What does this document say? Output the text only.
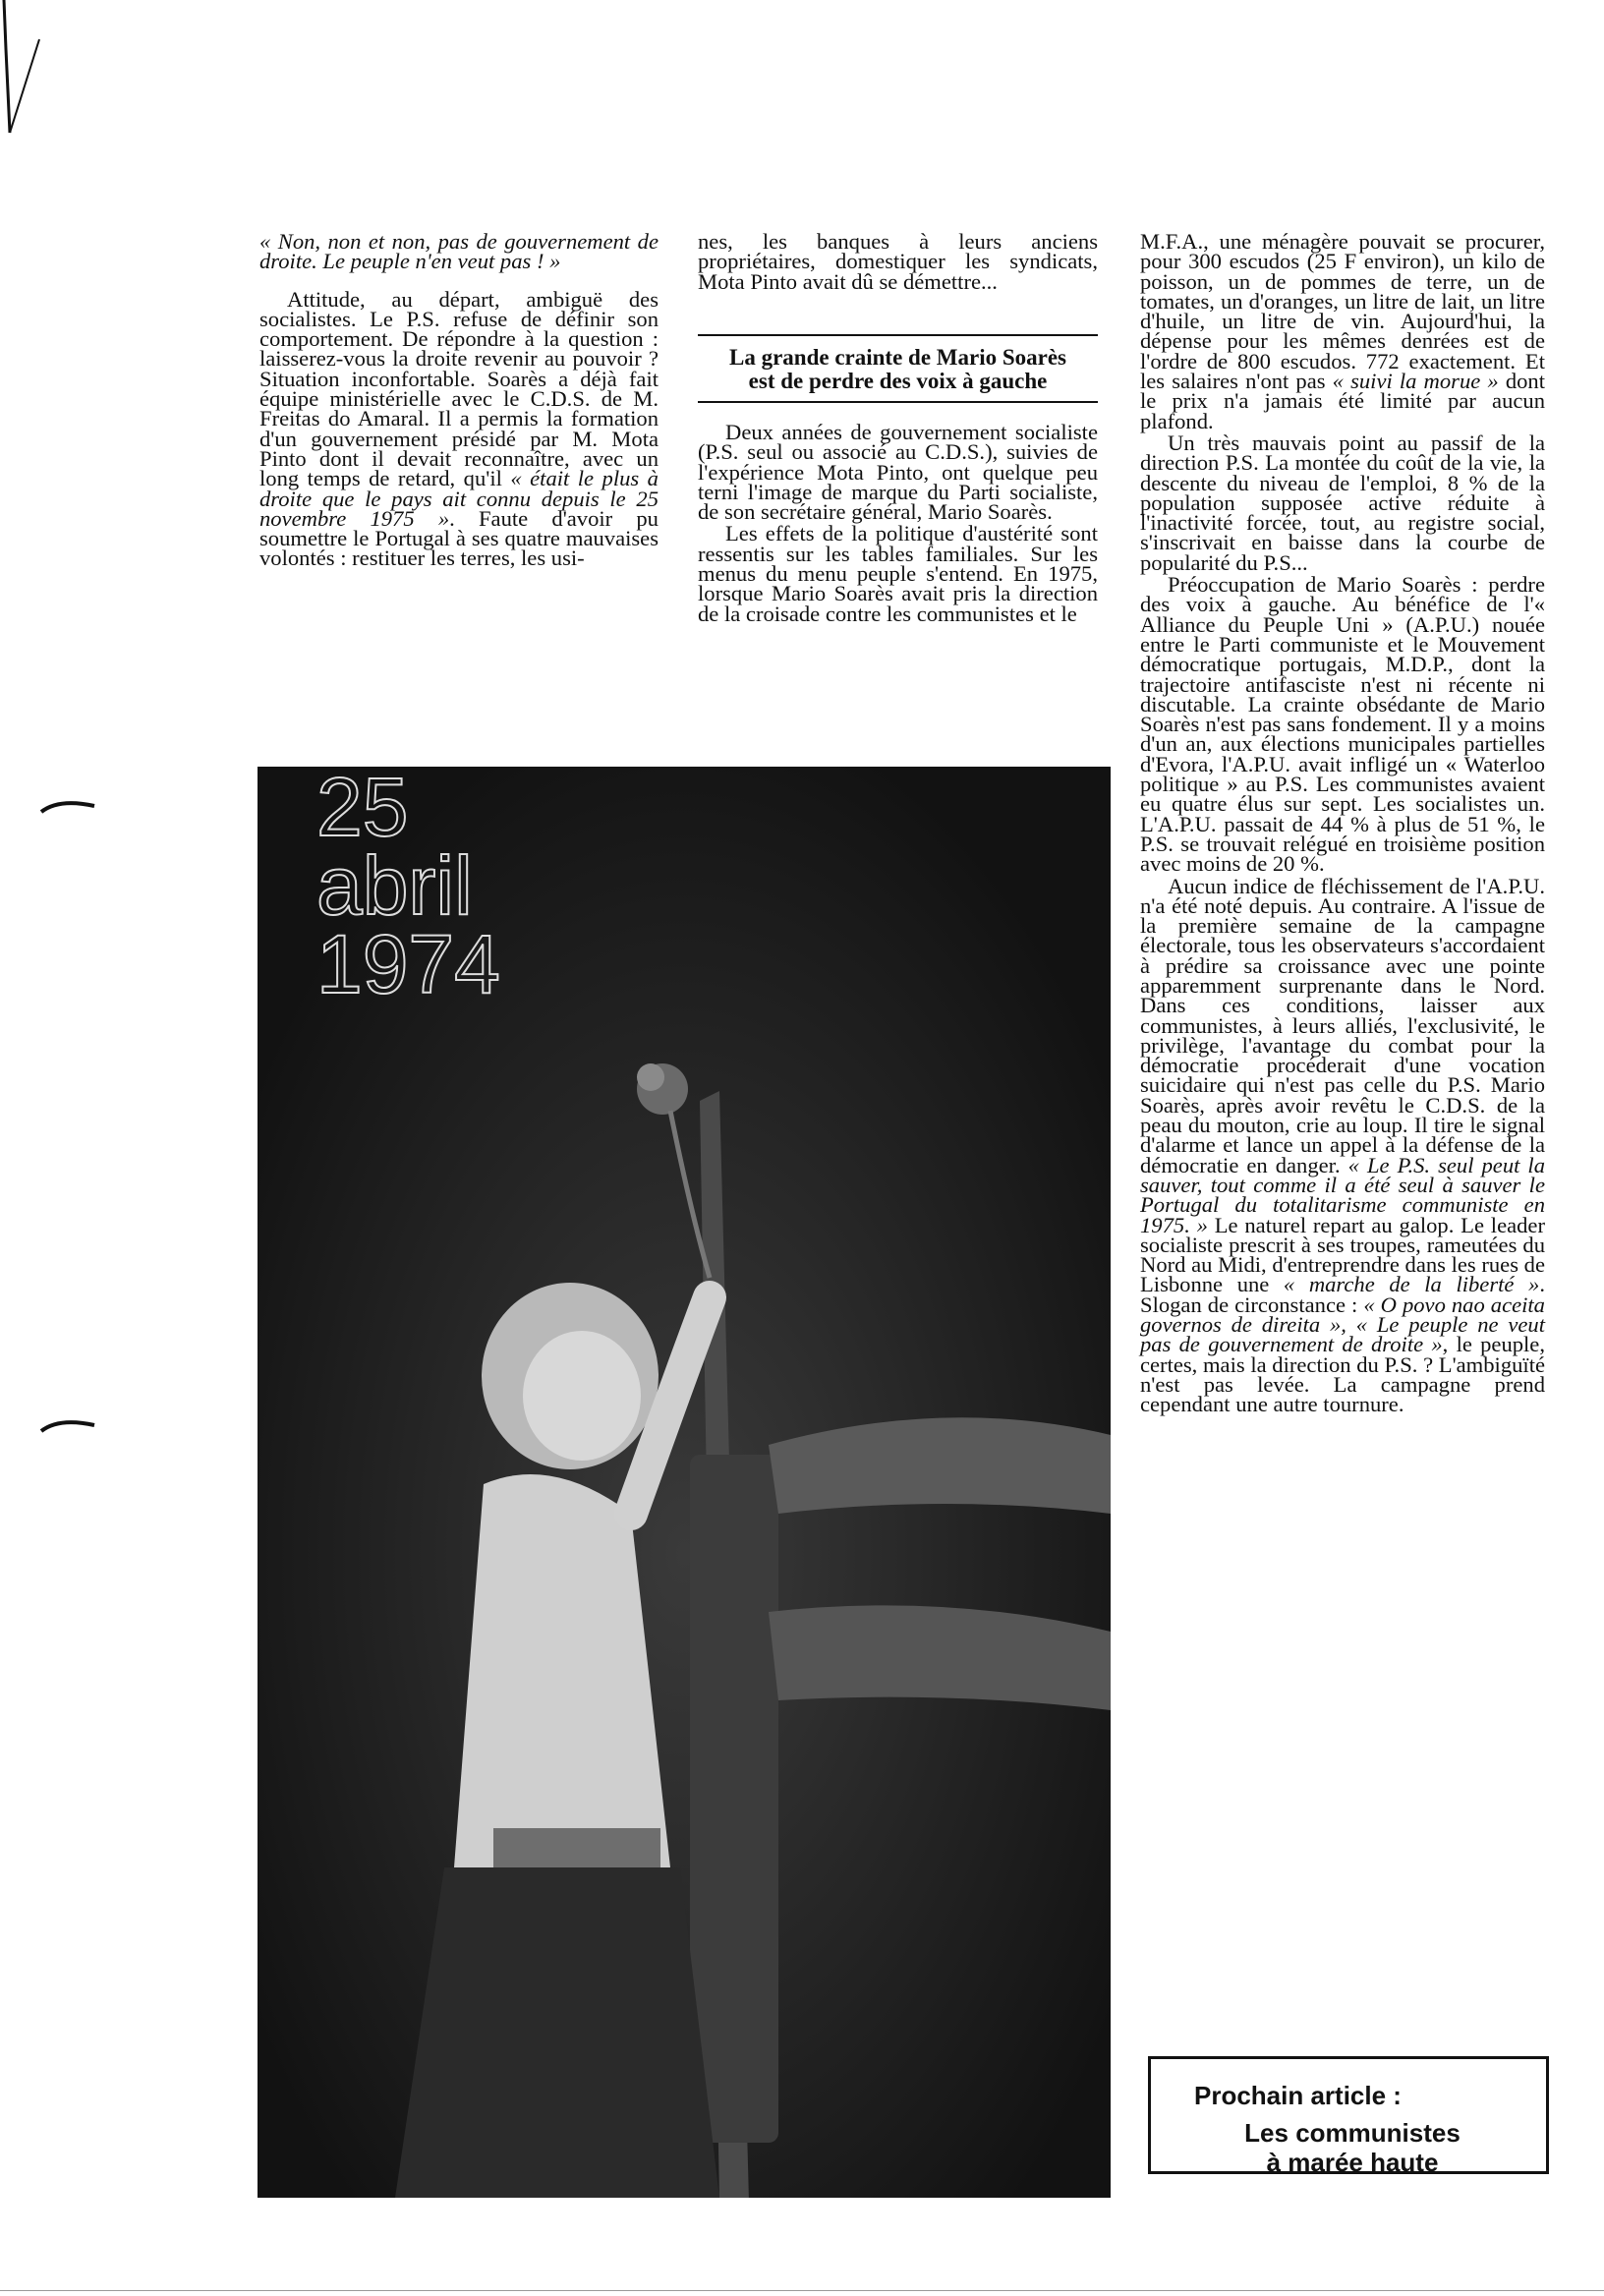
« Non, non et non, pas de gouvernement de droite. Le peuple n'en veut pas ! »

Attitude, au départ, ambiguë des socialistes. Le P.S. refuse de définir son comportement. De répondre à la question : laisserez-vous la droite revenir au pouvoir ? Situation inconfortable. Soarès a déjà fait équipe ministérielle avec le C.D.S. de M. Freitas do Amaral. Il a permis la formation d'un gouvernement présidé par M. Mota Pinto dont il devait reconnaître, avec un long temps de retard, qu'il « était le plus à droite que le pays ait connu depuis le 25 novembre 1975 ». Faute d'avoir pu soumettre le Portugal à ses quatre mauvaises volontés : restituer les terres, les usi-

nes, les banques à leurs anciens propriétaires, domestiquer les syndicats, Mota Pinto avait dû se démettre...

La grande crainte de Mario Soarès
est de perdre des voix à gauche

Deux années de gouvernement socialiste (P.S. seul ou associé au C.D.S.), suivies de l'expérience Mota Pinto, ont quelque peu terni l'image de marque du Parti socialiste, de son secrétaire général, Mario Soarès.

Les effets de la politique d'austérité sont ressentis sur les tables familiales. Sur les menus du menu peuple s'entend. En 1975, lorsque Mario Soarès avait pris la direction de la croisade contre les communistes et le

M.F.A., une ménagère pouvait se procurer, pour 300 escudos (25 F environ), un kilo de poisson, un de pommes de terre, un de tomates, un d'oranges, un litre de lait, un litre d'huile, un litre de vin. Aujourd'hui, la dépense pour les mêmes denrées est de l'ordre de 800 escudos. 772 exactement. Et les salaires n'ont pas « suivi la morue » dont le prix n'a jamais été limité par aucun plafond.

Un très mauvais point au passif de la direction P.S. La montée du coût de la vie, la descente du niveau de l'emploi, 8 % de la population supposée active réduite à l'inactivité forcée, tout, au registre social, s'inscrivait en baisse dans la courbe de popularité du P.S...

Préoccupation de Mario Soarès : perdre des voix à gauche. Au bénéfice de l'« Alliance du Peuple Uni » (A.P.U.) nouée entre le Parti communiste et le Mouvement démocratique portugais, M.D.P., dont la trajectoire antifasciste n'est ni récente ni discutable. La crainte obsédante de Mario Soarès n'est pas sans fondement. Il y a moins d'un an, aux élections municipales partielles d'Evora, l'A.P.U. avait infligé un « Waterloo politique » au P.S. Les communistes avaient eu quatre élus sur sept. Les socialistes un. L'A.P.U. passait de 44 % à plus de 51 %, le P.S. se trouvait relégué en troisième position avec moins de 20 %.

Aucun indice de fléchissement de l'A.P.U. n'a été noté depuis. Au contraire. A l'issue de la première semaine de la campagne électorale, tous les observateurs s'accordaient à prédire sa croissance avec une pointe apparemment surprenante dans le Nord. Dans ces conditions, laisser aux communistes, à leurs alliés, l'exclusivité, le privilège, l'avantage du combat pour la démocratie procéderait d'une vocation suicidaire qui n'est pas celle du P.S. Mario Soarès, après avoir revêtu le C.D.S. de la peau du mouton, crie au loup. Il tire le signal d'alarme et lance un appel à la défense de la démocratie en danger. « Le P.S. seul peut la sauver, tout comme il a été seul à sauver le Portugal du totalitarisme communiste en 1975. » Le naturel repart au galop. Le leader socialiste prescrit à ses troupes, rameutées du Nord au Midi, d'entreprendre dans les rues de Lisbonne une « marche de la liberté ». Slogan de circonstance : « O povo nao aceita governos de direita », « Le peuple ne veut pas de gouvernement de droite », le peuple, certes, mais la direction du P.S. ? L'ambiguïté n'est pas levée. La campagne prend cependant une autre tournure.

25
abril
1974
Prochain article :
Les communistes
à marée haute
